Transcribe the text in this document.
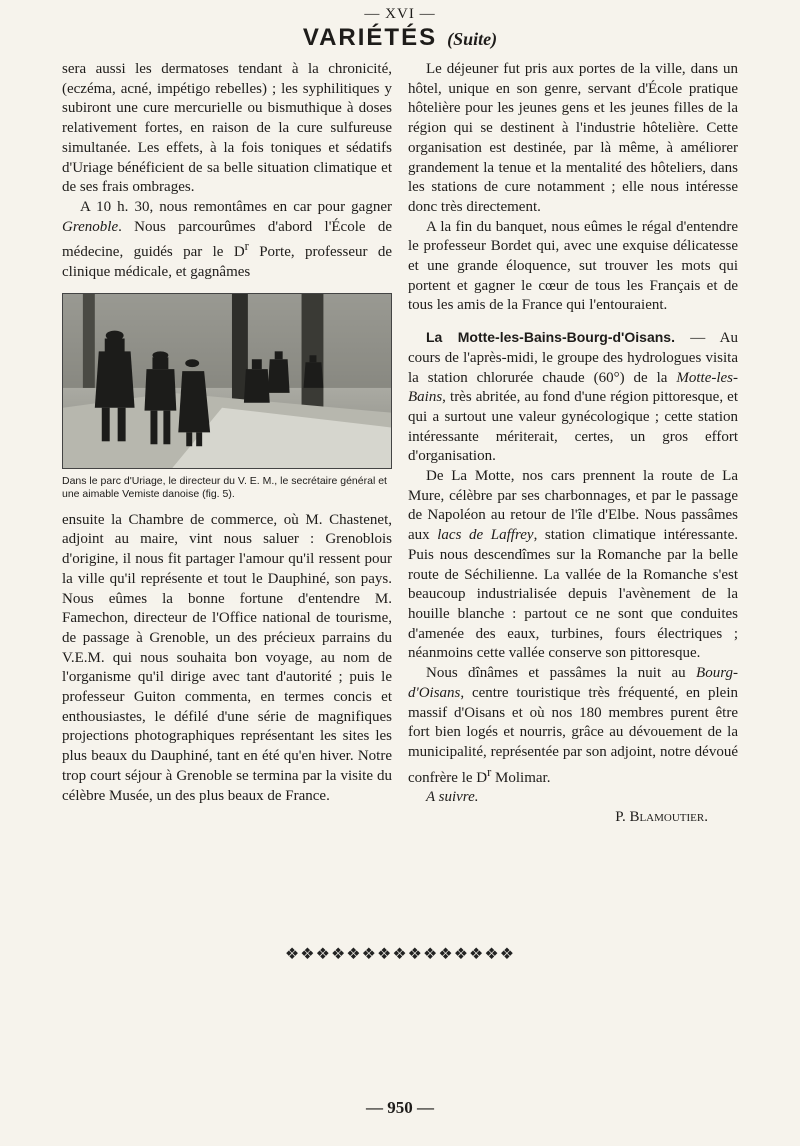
— XVI —
VARIÉTÉS (Suite)

sera aussi les dermatoses tendant à la chronicité, (eczéma, acné, impétigo rebelles) ; les syphilitiques y subiront une cure mercurielle ou bismuthique à doses relativement fortes, en raison de la cure sulfureuse simultanée. Les effets, à la fois toniques et sédatifs d'Uriage bénéficient de sa belle situation climatique et de ses frais ombrages.

A 10 h. 30, nous remontâmes en car pour gagner Grenoble. Nous parcourûmes d'abord l'École de médecine, guidés par le $D^r$ Porte, professeur de clinique médicale, et gagnâmes

Dans le parc d'Uriage, le directeur du V. E. M., le secrétaire général et une aimable Vemiste danoise (fig. 5).

ensuite la Chambre de commerce, où M. Chastenet, adjoint au maire, vint nous saluer : Grenoblois d'origine, il nous fit partager l'amour qu'il ressent pour la ville qu'il représente et tout le Dauphiné, son pays. Nous eûmes la bonne fortune d'entendre M. Famechon, directeur de l'Office national de tourisme, de passage à Grenoble, un des précieux parrains du V.E.M. qui nous souhaita bon voyage, au nom de l'organisme qu'il dirige avec tant d'autorité ; puis le professeur Guiton commenta, en termes concis et enthousiastes, le défilé d'une série de magnifiques projections photographiques représentant les sites les plus beaux du Dauphiné, tant en été qu'en hiver. Notre trop court séjour à Grenoble se termina par la visite du célèbre Musée, un des plus beaux de France.

Le déjeuner fut pris aux portes de la ville, dans un hôtel, unique en son genre, servant d'École pratique hôtelière pour les jeunes gens et les jeunes filles de la région qui se destinent à l'industrie hôtelière. Cette organisation est destinée, par là même, à améliorer grandement la tenue et la mentalité des hôteliers, dans les stations de cure notamment ; elle nous intéresse donc très directement.

A la fin du banquet, nous eûmes le régal d'entendre le professeur Bordet qui, avec une exquise délicatesse et une grande éloquence, sut trouver les mots qui portent et gagner le cœur de tous les Français et de tous les amis de la France qui l'entouraient.

La Motte-les-Bains-Bourg-d'Oisans. — Au cours de l'après-midi, le groupe des hydrologues visita la station chlorurée chaude (60°) de la Motte-les-Bains, très abritée, au fond d'une région pittoresque, et qui a surtout une valeur gynécologique ; cette station intéressante mériterait, certes, un gros effort d'organisation.

De La Motte, nos cars prennent la route de La Mure, célèbre par ses charbonnages, et par le passage de Napoléon au retour de l'île d'Elbe. Nous passâmes aux lacs de Laffrey, station climatique intéressante. Puis nous descendîmes sur la Romanche par la belle route de Séchilienne. La vallée de la Romanche s'est beaucoup industrialisée depuis l'avènement de la houille blanche : partout ce ne sont que conduites d'amenée des eaux, turbines, fours électriques ; néanmoins cette vallée conserve son pittoresque.

Nous dînâmes et passâmes la nuit au Bourg-d'Oisans, centre touristique très fréquenté, en plein massif d'Oisans et où nos 180 membres purent être fort bien logés et nourris, grâce au dévouement de la municipalité, représentée par son adjoint, notre dévoué confrère le $D^r$ Molimar.

A suivre.

P. Blamoutier.

❖❖❖❖❖❖❖❖❖❖❖❖❖❖❖
— 950 —
